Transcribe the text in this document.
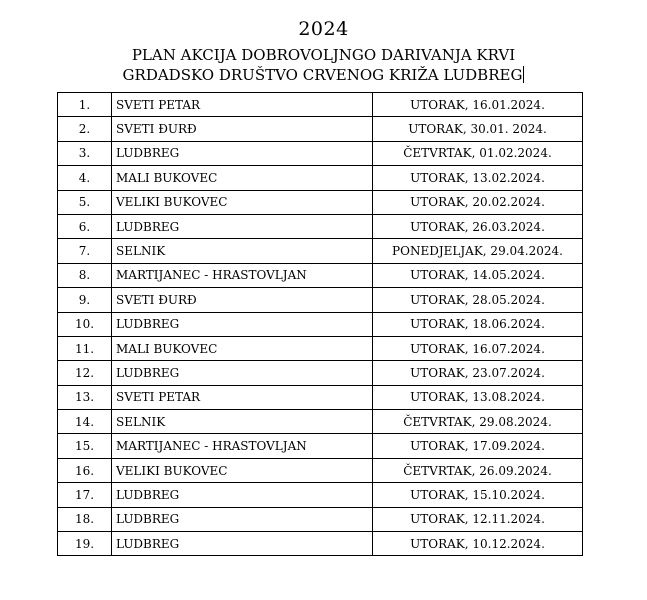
2024
PLAN AKCIJA DOBROVOLJNGO DARIVANJA KRVI
GRDADSKO DRUŠTVO CRVENOG KRIŽA LUDBREG
1.	SVETI PETAR	UTORAK, 16.01.2024.
2.	SVETI ĐURĐ	UTORAK, 30.01. 2024.
3.	LUDBREG	ČETVRTAK, 01.02.2024.
4.	MALI BUKOVEC	UTORAK, 13.02.2024.
5.	VELIKI BUKOVEC	UTORAK, 20.02.2024.
6.	LUDBREG	UTORAK, 26.03.2024.
7.	SELNIK	PONEDJELJAK, 29.04.2024.
8.	MARTIJANEC - HRASTOVLJAN	UTORAK, 14.05.2024.
9.	SVETI ĐURĐ	UTORAK, 28.05.2024.
10.	LUDBREG	UTORAK, 18.06.2024.
11.	MALI BUKOVEC	UTORAK, 16.07.2024.
12.	LUDBREG	UTORAK, 23.07.2024.
13.	SVETI PETAR	UTORAK, 13.08.2024.
14.	SELNIK	ČETVRTAK, 29.08.2024.
15.	MARTIJANEC - HRASTOVLJAN	UTORAK, 17.09.2024.
16.	VELIKI BUKOVEC	ČETVRTAK, 26.09.2024.
17.	LUDBREG	UTORAK, 15.10.2024.
18.	LUDBREG	UTORAK, 12.11.2024.
19.	LUDBREG	UTORAK, 10.12.2024.
